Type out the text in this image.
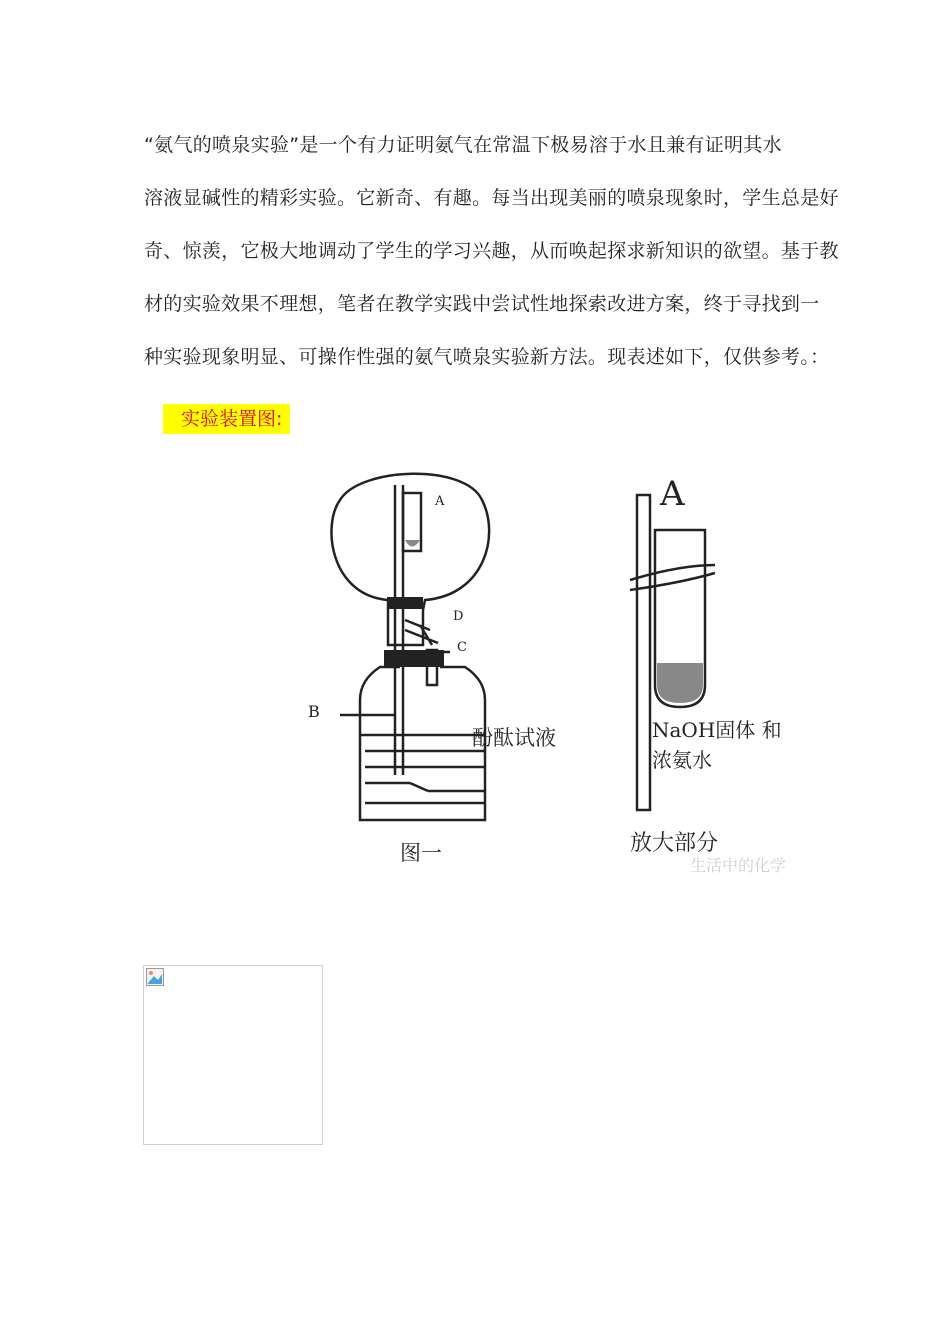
“氨气的喷泉实验”是一个有力证明氨气在常温下极易溶于水且兼有证明其水
溶液显碱性的精彩实验。它新奇、有趣。每当出现美丽的喷泉现象时，学生总是好
奇、惊羡，它极大地调动了学生的学习兴趣，从而唤起探求新知识的欲望。基于教
材的实验效果不理想，笔者在教学实践中尝试性地探索改进方案，终于寻找到一
种实验现象明显、可操作性强的氨气喷泉实验新方法。现表述如下，仅供参考。：
实验装置图:
A
B
C
D
酚酞试液
图一
A
NaOH固体 和
浓氨水
放大部分
生活中的化学
